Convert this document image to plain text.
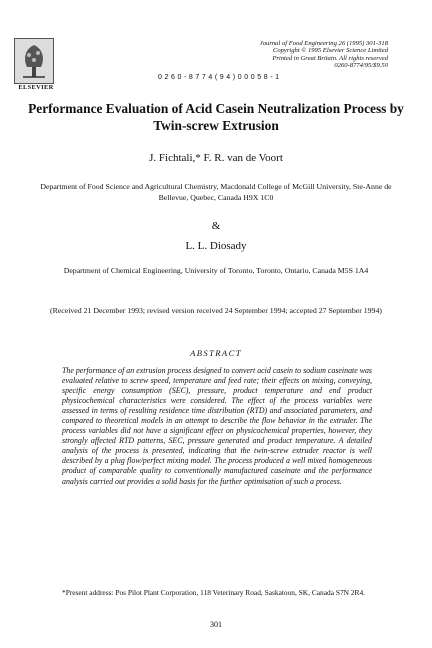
ELSEVIER
Journal of Food Engineering 26 (1995) 301-318
Copyright © 1995 Elsevier Science Limited
Printed in Great Britain. All rights reserved
0260-8774/95/$9.50
0260-8774(94)00058-1
Performance Evaluation of Acid Casein Neutralization Process by Twin-screw Extrusion
J. Fichtali,* F. R. van de Voort
Department of Food Science and Agricultural Chemistry, Macdonald College of McGill University, Ste-Anne de Bellevue, Quebec, Canada H9X 1C0
&
L. L. Diosady
Department of Chemical Engineering, University of Toronto, Toronto, Ontario, Canada M5S 1A4
(Received 21 December 1993; revised version received 24 September 1994; accepted 27 September 1994)
ABSTRACT
The performance of an extrusion process designed to convert acid casein to sodium caseinate was evaluated relative to screw speed, temperature and feed rate; their effects on mixing, conveying, specific energy consumption (SEC), pressure, product temperature and end product physicochemical characteristics were considered. The effect of the process variables were assessed in terms of resulting residence time distribution (RTD) and associated parameters, and compared to theoretical models in an attempt to describe the flow behavior in the extruder. The process variables did not have a significant effect on physicochemical properties, however, they strongly affected RTD patterns, SEC, pressure generated and product temperature. A detailed analysis of the process is presented, indicating that the twin-screw extruder reactor is well described by a plug flow/perfect mixing model. The process produced a well mixed homogeneous product of comparable quality to conventionally manufactured caseinate and the performance analysis carried out provides a solid basis for the further optimisation of such a process.
*Present address: Pos Pilot Plant Corporation, 118 Veterinary Road, Saskatoon, SK, Canada S7N 2R4.
301
